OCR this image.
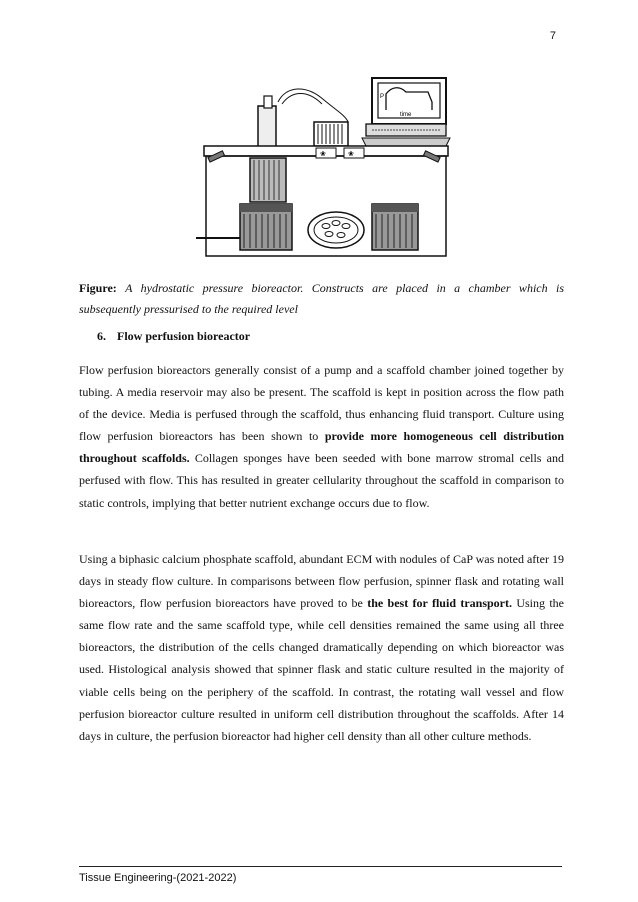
7
P
time
❀	❀
Figure: A hydrostatic pressure bioreactor. Constructs are placed in a chamber which is subsequently pressurised to the required level
6. Flow perfusion bioreactor

Flow perfusion bioreactors generally consist of a pump and a scaffold chamber joined together by tubing. A media reservoir may also be present. The scaffold is kept in position across the flow path of the device. Media is perfused through the scaffold, thus enhancing fluid transport. Culture using flow perfusion bioreactors has been shown to provide more homogeneous cell distribution throughout scaffolds. Collagen sponges have been seeded with bone marrow stromal cells and perfused with flow. This has resulted in greater cellularity throughout the scaffold in comparison to static controls, implying that better nutrient exchange occurs due to flow.

Using a biphasic calcium phosphate scaffold, abundant ECM with nodules of CaP was noted after 19 days in steady flow culture. In comparisons between flow perfusion, spinner flask and rotating wall bioreactors, flow perfusion bioreactors have proved to be the best for fluid transport. Using the same flow rate and the same scaffold type, while cell densities remained the same using all three bioreactors, the distribution of the cells changed dramatically depending on which bioreactor was used. Histological analysis showed that spinner flask and static culture resulted in the majority of viable cells being on the periphery of the scaffold. In contrast, the rotating wall vessel and flow perfusion bioreactor culture resulted in uniform cell distribution throughout the scaffolds. After 14 days in culture, the perfusion bioreactor had higher cell density than all other culture methods.

Tissue Engineering-(2021-2022)
